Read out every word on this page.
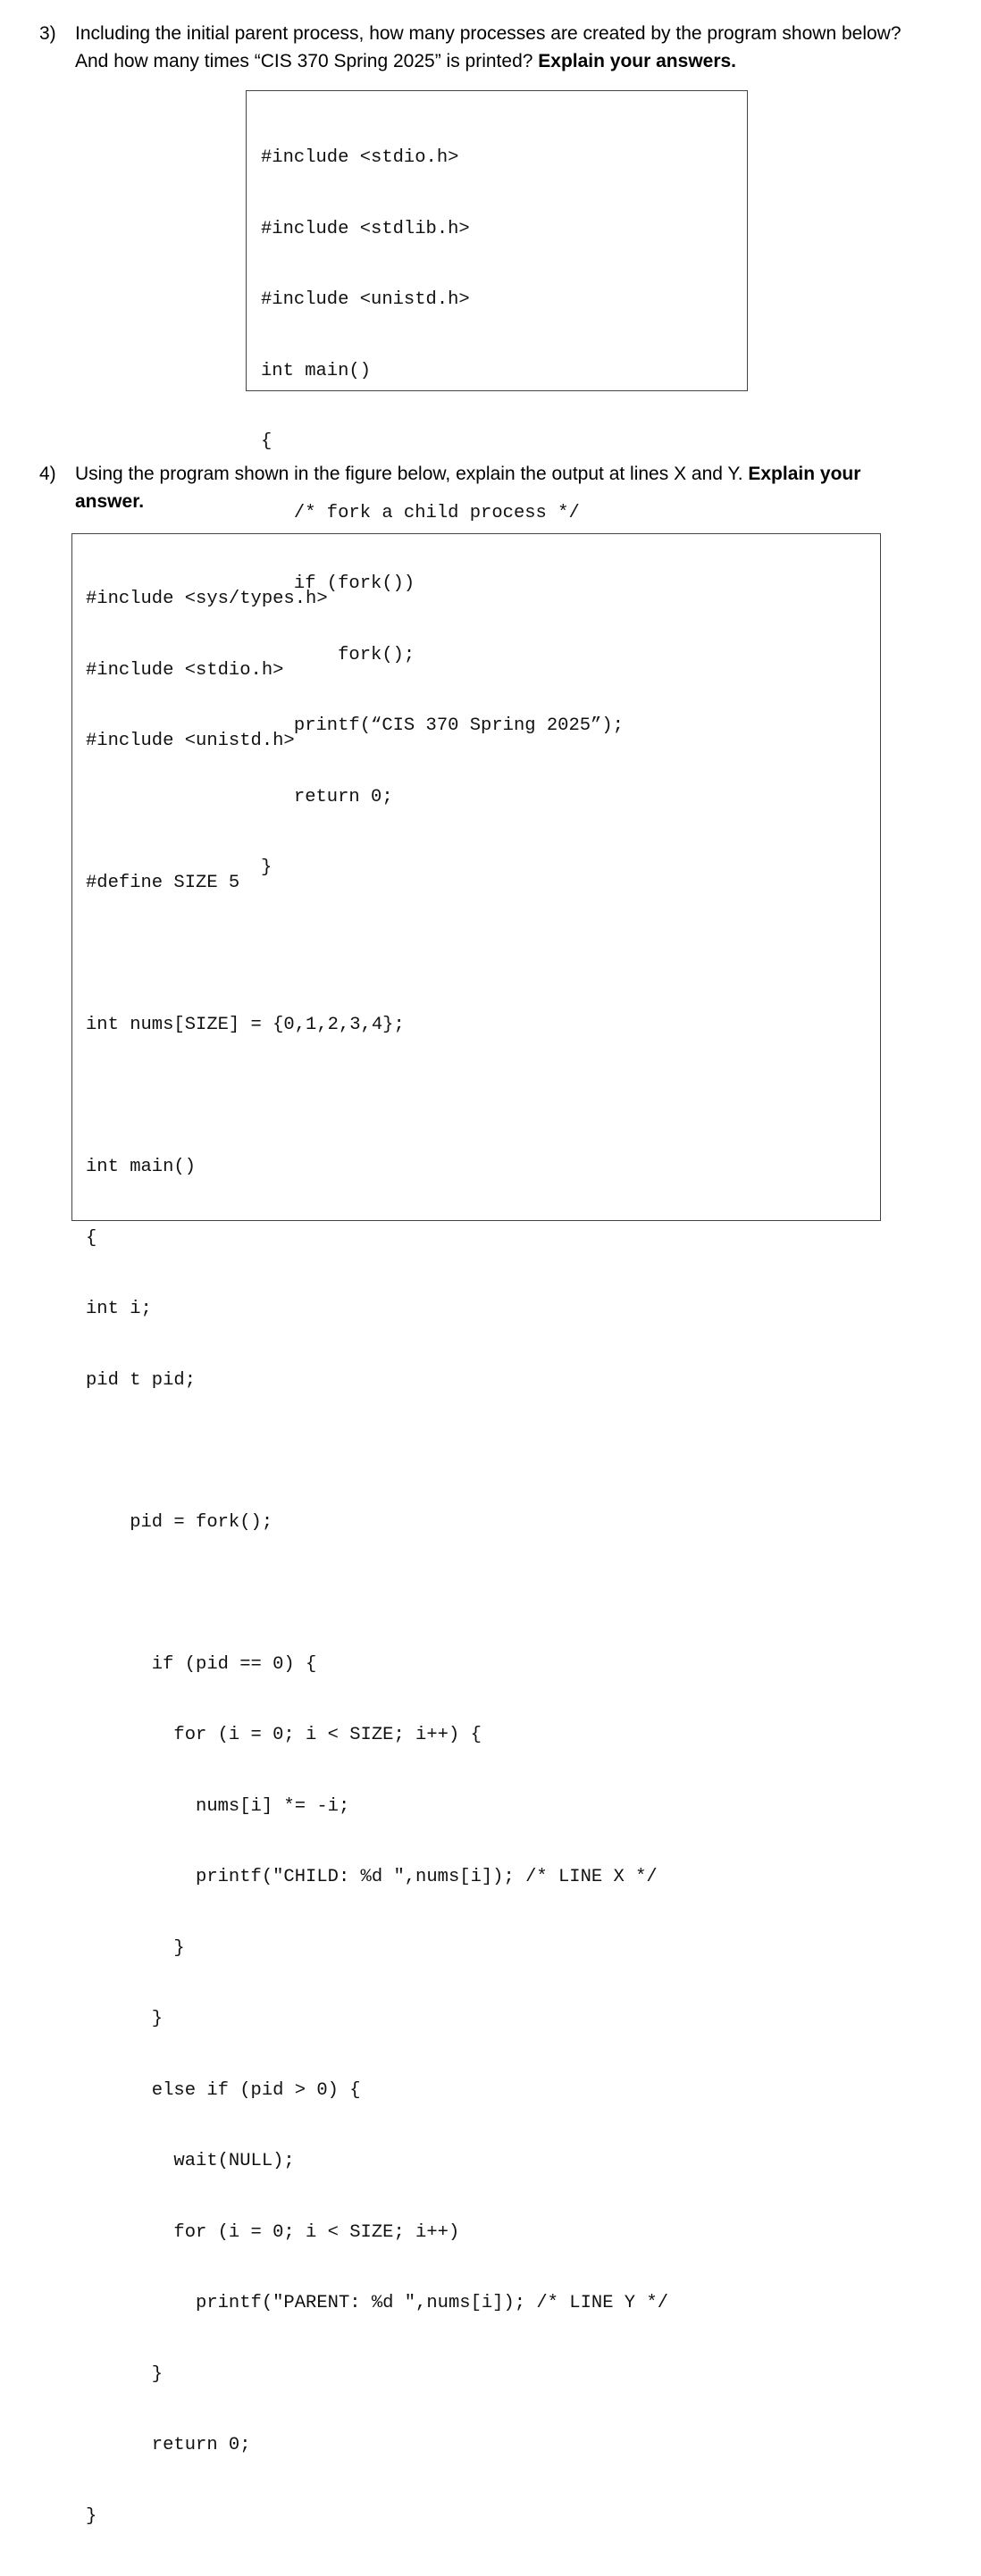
3) Including the initial parent process, how many processes are created by the program shown below?
And how many times “CIS 370 Spring 2025” is printed? Explain your answers.

#include <stdio.h>

#include <stdlib.h>

#include <unistd.h>

int main()

{

/* fork a child process */

if (fork())

fork();

printf(“CIS 370 Spring 2025”);

return 0;

}

4) Using the program shown in the figure below, explain the output at lines X and Y. Explain your
answer.

#include <sys/types.h>

#include <stdio.h>

#include <unistd.h>

#define SIZE 5

int nums[SIZE] = {0,1,2,3,4};

int main()

{

int i;

pid t pid;

pid = fork();

if (pid == 0) {

for (i = 0; i < SIZE; i++) {

nums[i] *= -i;

printf("CHILD: %d ",nums[i]); /* LINE X */

}

}

else if (pid > 0) {

wait(NULL);

for (i = 0; i < SIZE; i++)

printf("PARENT: %d ",nums[i]); /* LINE Y */

}

return 0;

}
